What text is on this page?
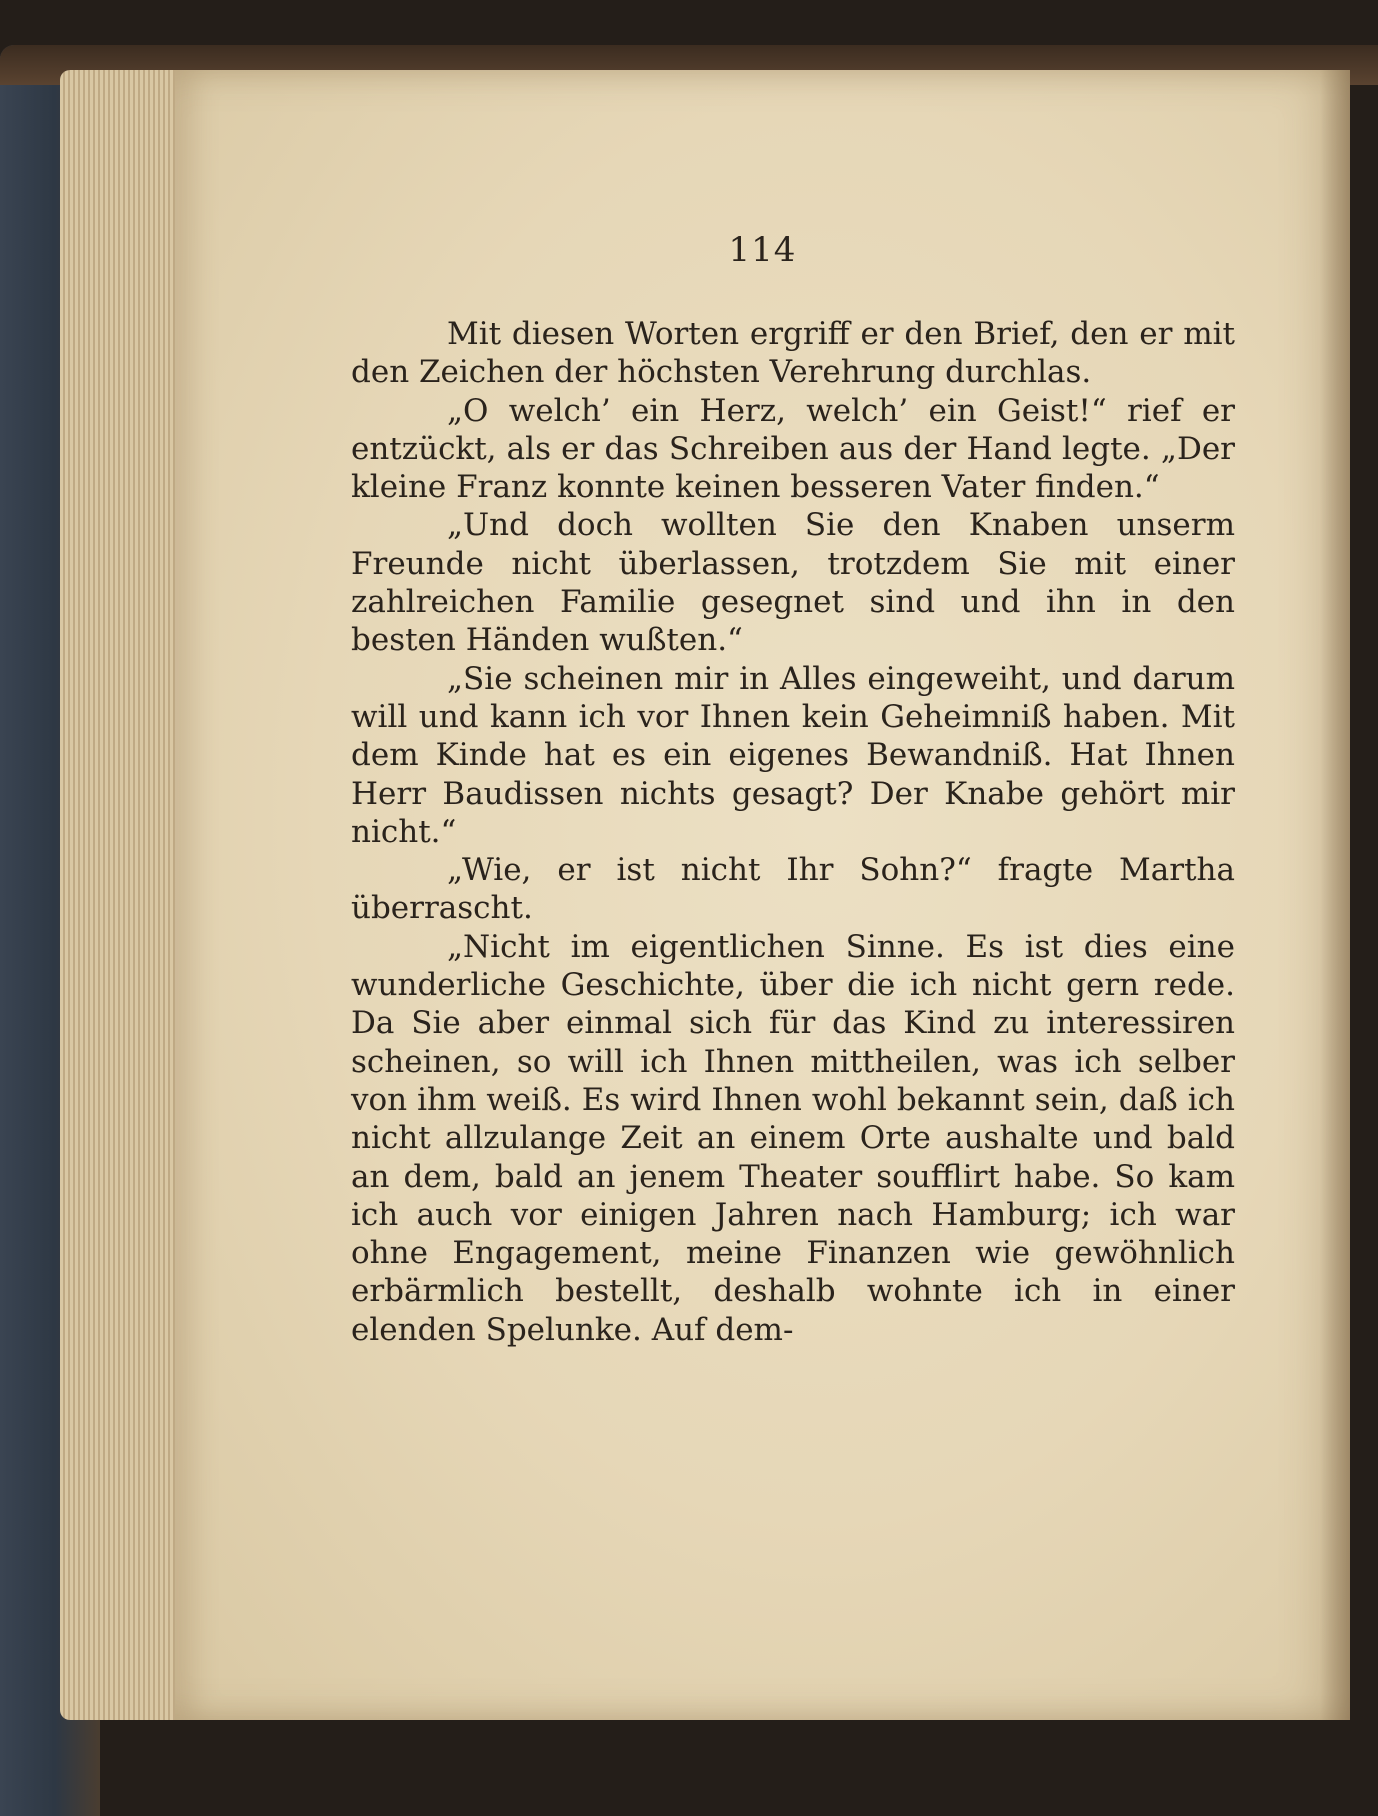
114

Mit diesen Worten ergriff er den Brief, den er mit den Zeichen der höchsten Verehrung durchlas.

„O welch’ ein Herz, welch’ ein Geist!“ rief er entzückt, als er das Schreiben aus der Hand legte. „Der kleine Franz konnte keinen besseren Vater finden.“

„Und doch wollten Sie den Knaben unserm Freunde nicht überlassen, trotzdem Sie mit einer zahlreichen Familie gesegnet sind und ihn in den besten Händen wußten.“

„Sie scheinen mir in Alles eingeweiht, und darum will und kann ich vor Ihnen kein Geheimniß haben. Mit dem Kinde hat es ein eigenes Bewandniß. Hat Ihnen Herr Baudissen nichts gesagt? Der Knabe gehört mir nicht.“

„Wie, er ist nicht Ihr Sohn?“ fragte Martha überrascht.

„Nicht im eigentlichen Sinne. Es ist dies eine wunderliche Geschichte, über die ich nicht gern rede. Da Sie aber einmal sich für das Kind zu interessiren scheinen, so will ich Ihnen mittheilen, was ich selber von ihm weiß. Es wird Ihnen wohl bekannt sein, daß ich nicht allzulange Zeit an einem Orte aushalte und bald an dem, bald an jenem Theater soufflirt habe. So kam ich auch vor einigen Jahren nach Hamburg; ich war ohne Engagement, meine Finanzen wie gewöhnlich erbärmlich bestellt, deshalb wohnte ich in einer elenden Spelunke. Auf dem-
